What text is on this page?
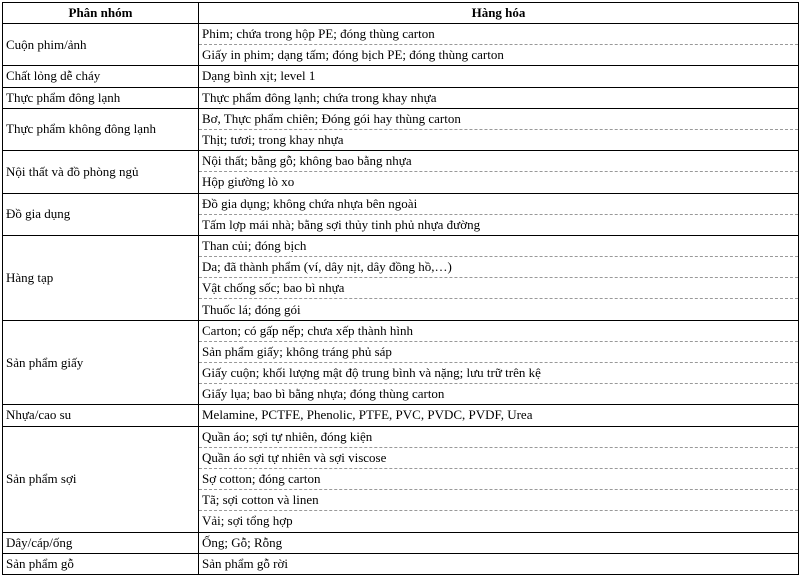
Phân nhóm	Hàng hóa
Cuộn phim/ảnh	Phim; chứa trong hộp PE; đóng thùng carton
	Giấy in phim; dạng tấm; đóng bịch PE; đóng thùng carton
Chất lỏng dễ cháy	Dạng bình xịt; level 1
Thực phẩm đông lạnh	Thực phẩm đông lạnh; chứa trong khay nhựa
Thực phẩm không đông lạnh	Bơ, Thực phẩm chiên; Đóng gói hay thùng carton
	Thịt; tươi; trong khay nhựa
Nội thất và đồ phòng ngủ	Nội thất; bằng gỗ; không bao bằng nhựa
	Hộp giường lò xo
Đồ gia dụng	Đồ gia dụng; không chứa nhựa bên ngoài
	Tấm lợp mái nhà; bằng sợi thủy tinh phủ nhựa đường
Hàng tạp	Than củi; đóng bịch
	Da; đã thành phẩm (ví, dây nịt, dây đồng hồ,…)
	Vật chống sốc; bao bì nhựa
	Thuốc lá; đóng gói
Sản phẩm giấy	Carton; có gấp nếp; chưa xếp thành hình
	Sản phẩm giấy; không tráng phủ sáp
	Giấy cuộn; khối lượng mật độ trung bình và nặng; lưu trữ trên kệ
	Giấy lụa; bao bì bằng nhựa; đóng thùng carton
Nhựa/cao su	Melamine, PCTFE, Phenolic, PTFE, PVC, PVDC, PVDF, Urea
Sản phẩm sợi	Quần áo; sợi tự nhiên, đóng kiện
	Quần áo sợi tự nhiên và sợi viscose
	Sợ cotton; đóng carton
	Tã; sợi cotton và linen
	Vải; sợi tổng hợp
Dây/cáp/ống	Ống; Gỗ; Rỗng
Sản phẩm gỗ	Sản phẩm gỗ rời
